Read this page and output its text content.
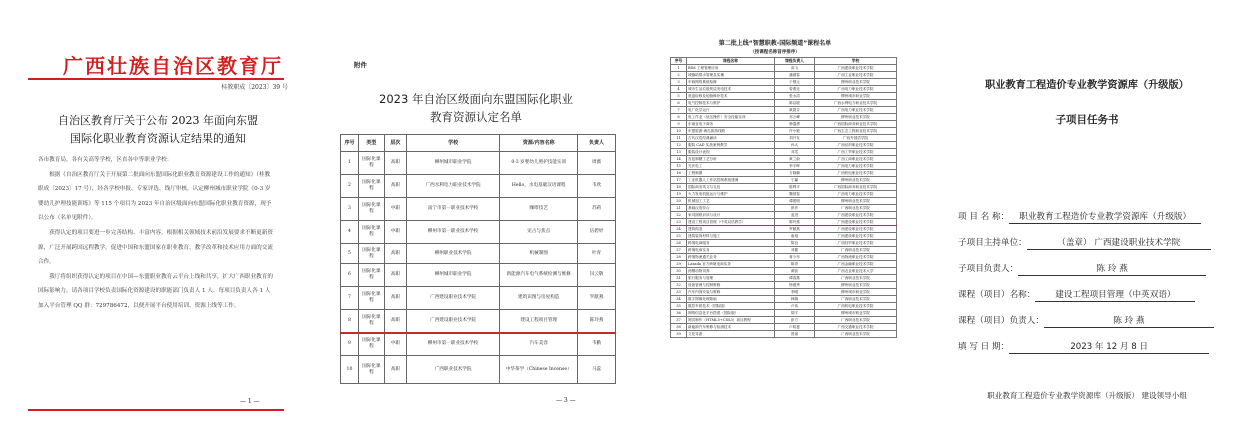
广西壮族自治区教育厅
桂教职成〔2023〕39 号
自治区教育厅关于公布 2023 年面向东盟
国际化职业教育资源认定结果的通知

各市教育局，各有关高等学校，区直各中等职业学校：

根据《自治区教育厅关于开展第二批面向东盟国际化职业教育资源建设工作的通知》（桂教职成〔2023〕17 号），经各学校申报、专家评选、线厅审核，认定柳州城市职业学院《0-3 岁婴幼儿护理技能训练》等 115 个项目为 2023 年自治区级面向东盟国际化职业教育资源，现予以公布（名单见附件）。

获得认定的项目要进一步完善结构、丰富内容，根据相关领域技术前沿发展要求不断更新资源，广泛开展跨国远程教学，促进中国和东盟国家在职业教育、教学改革和技术应用方面的交流合作。

我厅将组织获得认定的项目在中国—东盟职业教育云平台上线和共享，扩大广西职业教育的国际影响力。请各项目学校负责国际化资源建设的职能部门负责人 1 人、每项目负责人各 1 人加入平台管理 QQ 群：729786472，以便开展平台使用培训、资源上线等工作。

— 1 —
附件
2023 年自治区级面向东盟国际化职业
教育资源认定名单
序号	类型	层次	学校	资源/内容名称	负责人
1	国际化课程	高职	柳州城市职业学院	0-3 岁婴幼儿照护技能实训	周薇
2	国际化课程	高职	广西水利电力职业技术学院	Hello，水电基础汉语课程	韦欣
3	国际化课程	中职	南宁市第一职业技术学校	咖啡技艺	苏莉
4	国际化课程	中职	柳州市第一职业技术学校	宠占与焦点	伍碧妤
5	国际化课程	高职	柳州职业技术学院	机械制图	叶青
6	国际化课程	高职	柳州城市职业学院	新能源汽车电气系统检测与维修	闫云敬
7	国际化课程	高职	广西建设职业技术学院	建筑识图与房屋构造	罗献燕
8	国际化课程	高职	广西建设职业技术学院	建设工程项目管理	陈玲燕
9	国际化课程	中职	柳州市第一职业技术学校	汽车美容	韦勤
10	国际化课程	高职	广西职业技术学院	中华茶学（Chinese Incense）	马蕊
— 3 —
第二批上线“智慧职教-国际频道”课程名单
（按课程名称音序排序）
序号	课程名称	课程负责人	学校
1	BIM 工程管理应用	高飞	广西建设职业技术学院
2	城镇给排水管理及实操	潘德春	广西工业职业技术学院
3	车载网络系统检修	于强元	柳州职业技术学院
4	城市生活垃圾焚烧发电技术	曾燕光	广西电力职业技术学院
5	底盘检修及轮胎修补技术	张水清	柳州城市职业学院
6	电气控制技术与维护	陈启聪	广西水利电力职业技术学院
7	电厂化学运行	黄碧芬	广西电力职业技术学院
8	电工作业（低压操作）安全技能实训	邓万峰	柳州职业技术学院
9	东南亚电子商务	韩蓬勇	广西国际商务职业技术学院
10	东盟旅游-海岛旅游线路	许小艳	广西生态工程职业技术学院
11	古代汉语经典诵读	刘开友	广西外国语学院
12	服装 CAD 实战案例教学	孙大	广西纺织职业技术学院
13	服装设计表现	邓雪	广西工贸职业技术学院
14	宫廷制糖工艺分析	黄兰俞	广西工商职业技术学院
15	光伏电工	李宇晖	广西电力职业技术学院
16	工程制图	方晓楠	广西机电职业技术学院
17	工业机器人工作站控制系统建调	宁赢	柳州职业技术学院
18	国际商务英文与礼仪	陈利平	广西国际商务职业技术学院
19	火力发电机组运行与维护	魏国春	广西电力职业技术学院
20	机械加工工艺	谭建明	柳州职业技术学院
21	基础汉语综合	彭莎	广西职业技术学院
22	家具图纸识读与设计	蓝进	广西建设职业技术学院
23	建设工程项目管理（中英双语教学）	陈玲燕	广西建设职业技术学院
24	建筑构造	罗献燕	广西建设职业技术学院
25	建筑装饰材料与施工	唐旭	广西建设职业技术学院
26	跨境电商服务	陈良	广西经贸职业技术学院
27	跨境电商实务	邓健	广西职业技术学院
28	跨境物流通关业务	蒋少东	广西物流职业技术学院
29	Lazada 官方跨境电商实务	陈青	广西金融职业技术学院
30	两栖动物饲养	黄凯	广西农业职业技术大学
31	旅行服务与管理	谭春燕	广西职业技术学院
32	设备管理与控制维修	杨德秀	柳州职业技术学院
33	汽车内饰安装与维修	李刚	柳州城市职业学院
34	数字图像处理基础	韩婉	广西职业技术学院
35	数控车铣技术（国际版）	卢伟	广西机电职业技术学院
36	网络信息化平台搭建（国际版）	胡宇	柳州城市职业学院
37	网页制作（HTML5+CSS3）项目教程	彭方	广西职业技术学院
38	新能源汽车维修与检测技术	卢绍惠	广西交通职业技术学院
39	文化导游	曾丽	广西职业技术学院
职业教育工程造价专业教学资源库（升级版）
子项目任务书
项 目 名 称： 职业教育工程造价专业教学资源库（升级版）
子项目主持单位：	（盖章） 广西建设职业技术学院
子项目负责人：	陈 玲 燕
课程（项目）名称： 建设工程项目管理（中英双语）
课程（项目）负责人：	陈 玲 燕
填 写 日 期：	2023 年 12 月 8 日
职业教育工程造价专业教学资源库（升级版） 建设领导小组
